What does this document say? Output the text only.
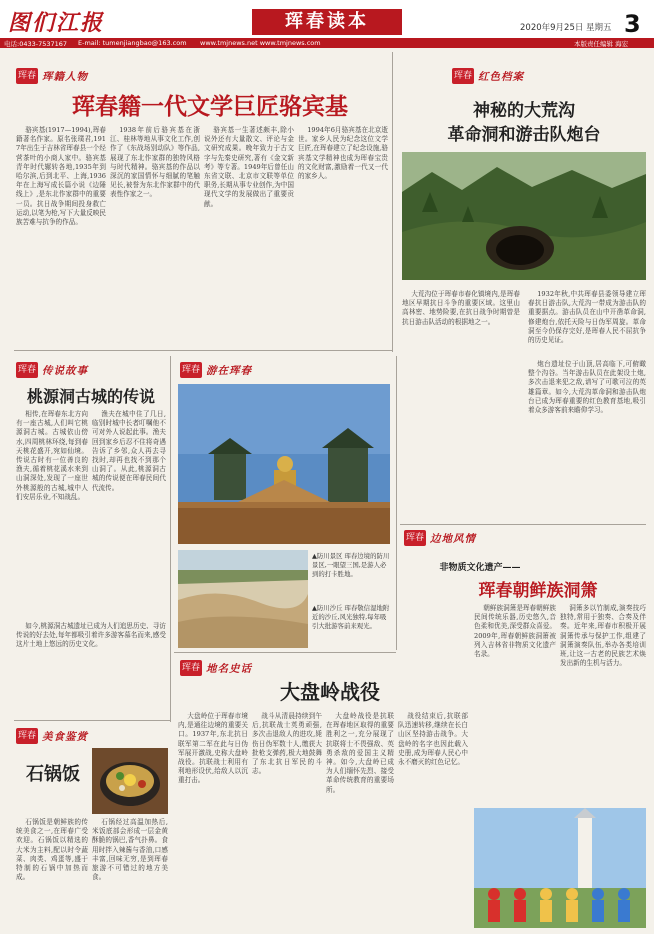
图们江报	珲春读本	2020年9月25日 星期五 3
电话:0433-7537167 E-mail: tumenjiangbao@163.com www.tmjnews.net www.tmjnews.com	本版责任编辑 海宏
珲春 珲籍人物
珲春籍一代文学巨匠骆宾基
骆宾基(1917—1994),珲春籍著名作家。原名张璞君,1917年出生于吉林省珲春县一个经营茶叶的小商人家中。骆宾基青年时代辗转各地,1935年到哈尔滨,后到北平、上海,1936年在上海写成长篇小说《边陲线上》,是东北作家群中的重要一员。抗日战争期间投身救亡运动,以笔为枪,写下大量反映民族苦难与抗争的作品。
1938年前后骆宾基在浙江、桂林等地从事文化工作,创作了《东战场别动队》等作品,展现了东北作家群的独特风格与时代精神。骆宾基的作品以深沉的家国情怀与细腻的笔触见长,被誉为东北作家群中的代表性作家之一。
骆宾基一生著述颇丰,除小说外还有大量散文、评论与金文研究成果。晚年致力于古文字与先秦史研究,著有《金文新考》等专著。1949年后曾任山东省文联、北京市文联等单位职务,长期从事专业创作,为中国现代文学的发展做出了重要贡献。
1994年6月骆宾基在北京逝世。家乡人民为纪念这位文学巨匠,在珲春建立了纪念设施,骆宾基文学精神也成为珲春宝贵的文化财富,激励着一代又一代的家乡人。
珲春 红色档案
神秘的大荒沟
革命洞和游击队炮台
大荒沟位于珲春市春化镇境内,是珲春地区早期抗日斗争的重要区域。这里山高林密、地势险要,在抗日战争时期曾是抗日游击队活动的根据地之一。
1932年秋,中共珲春县委领导建立珲春抗日游击队,大荒沟一带成为游击队的重要据点。游击队员在山中开凿革命洞,修建炮台,依托天险与日伪军周旋。革命洞至今仍保存完好,是珲春人民不屈抗争的历史见证。
炮台遗址位于山顶,居高临下,可俯瞰整个沟谷。当年游击队员在此架设土炮,多次击退来犯之敌,谱写了可歌可泣的英雄篇章。如今,大荒沟革命洞和游击队炮台已成为珲春重要的红色教育基地,吸引着众多游客前来瞻仰学习。
珲春 传说故事
桃源洞古城的传说
相传,在珲春东北方向有一座古城,人们叫它桃源洞古城。古城依山傍水,四周桃林环绕,每到春天桃花盛开,宛如仙境。传说古时有一位善良的渔夫,循着桃花溪水来到山洞深处,发现了一座世外桃源般的古城,城中人们安居乐业,不知战乱。
渔夫在城中住了几日,临别时城中长者叮嘱他不可对外人说起此事。渔夫回到家乡后忍不住将奇遇告诉了乡邻,众人再去寻找时,却再也找不到那个山洞了。从此,桃源洞古城的传说便在珲春民间代代流传。
如今,桃源洞古城遗址已成为人们追思历史、寻访传说的好去处,每年都吸引着许多游客慕名而来,感受这片土地上悠远的历史文化。
珲春 游在珲春
▲防川景区 珲春边境的防川景区,一眼望三国,是游人必到的打卡胜地。
▲防川沙丘 珲春敬信湿地附近的沙丘,风光独特,每年吸引大批游客前来观光。
珲春 美食鉴赏
石锅饭
石锅饭是朝鲜族的传统美食之一,在珲春广受欢迎。石锅饭以精选的大米为主料,配以时令蔬菜、肉类、鸡蛋等,盛于特制的石锅中加热而成。
石锅经过高温加热后,米饭底部会形成一层金黄酥脆的锅巴,香气扑鼻。食用时拌入辣酱与香油,口感丰富,回味无穷,是到珲春旅游不可错过的地方美食。
珲春 地名史话
大盘岭战役
大盘岭位于珲春市境内,是通往边境的重要关口。1937年,东北抗日联军第二军在此与日伪军展开激战,史称大盘岭战役。抗联战士利用有利地形设伏,给敌人以沉重打击。
战斗从清晨持续到午后,抗联战士英勇顽强,多次击退敌人的进攻,毙伤日伪军数十人,缴获大批枪支弹药,极大地鼓舞了东北抗日军民的斗志。
大盘岭战役是抗联在珲春地区取得的重要胜利之一,充分展现了抗联将士不畏强敌、英勇杀敌的爱国主义精神。如今,大盘岭已成为人们缅怀先烈、接受革命传统教育的重要场所。
战役结束后,抗联部队迅速转移,继续在长白山区坚持游击战争。大盘岭的名字也因此载入史册,成为珲春人民心中永不磨灭的红色记忆。
珲春 边地风情
非物质文化遗产——
珲春朝鲜族洞箫
朝鲜族洞箫是珲春朝鲜族民间传统乐器,历史悠久,音色柔和优美,深受群众喜爱。2009年,珲春朝鲜族洞箫被列入吉林省非物质文化遗产名录。
洞箫多以竹制成,演奏技巧独特,常用于独奏、合奏及伴奏。近年来,珲春市积极开展洞箫传承与保护工作,组建了洞箫演奏队伍,举办各类培训班,让这一古老的民族艺术焕发出新的生机与活力。
